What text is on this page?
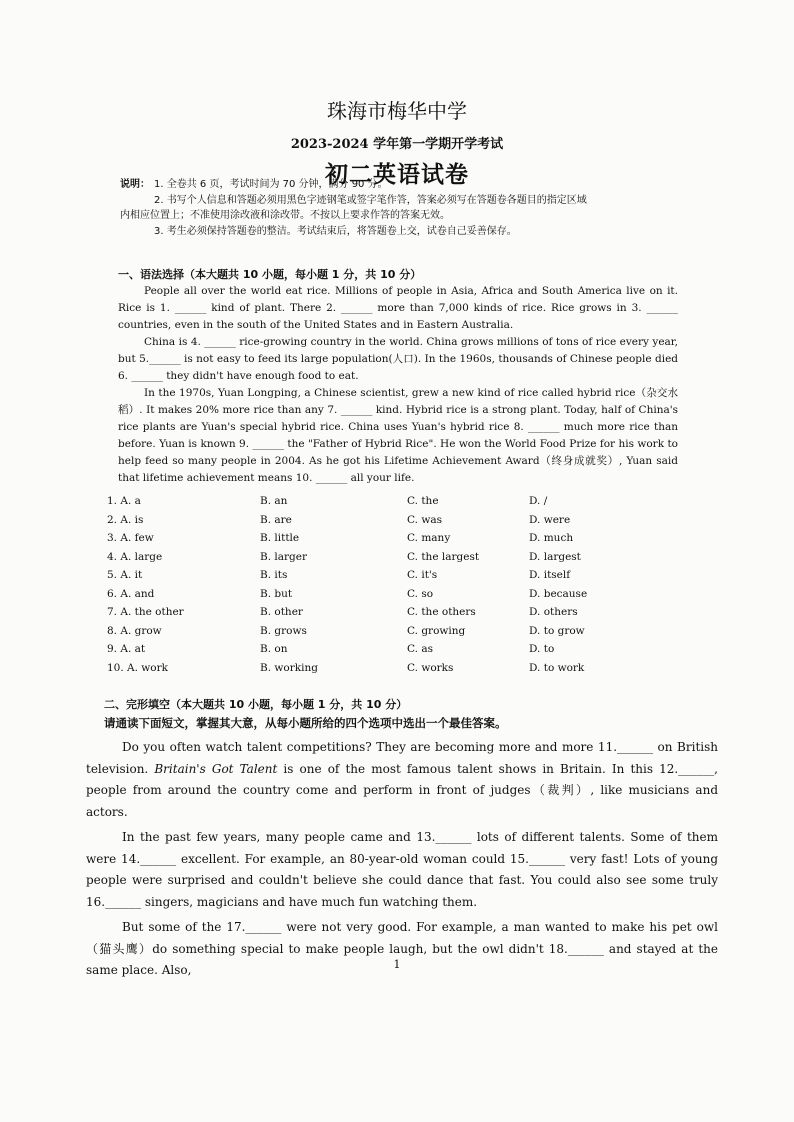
珠海市梅华中学
2023-2024 学年第一学期开学考试
初二英语试卷
说明： 1. 全卷共 6 页，考试时间为 70 分钟，满分 90 分。
2. 书写个人信息和答题必须用黑色字迹钢笔或签字笔作答，答案必须写在答题卷各题目的指定区域
内相应位置上；不准使用涂改液和涂改带。不按以上要求作答的答案无效。
3. 考生必须保持答题卷的整洁。考试结束后，将答题卷上交，试卷自己妥善保存。
一、语法选择（本大题共 10 小题，每小题 1 分，共 10 分）

People all over the world eat rice. Millions of people in Asia, Africa and South America live on it. Rice is 1. ______ kind of plant. There 2. ______ more than 7,000 kinds of rice. Rice grows in 3. ______ countries, even in the south of the United States and in Eastern Australia.

China is 4. ______ rice-growing country in the world. China grows millions of tons of rice every year, but 5.______ is not easy to feed its large population(人口). In the 1960s, thousands of Chinese people died 6. ______ they didn't have enough food to eat.

In the 1970s, Yuan Longping, a Chinese scientist, grew a new kind of rice called hybrid rice（杂交水稻）. It makes 20% more rice than any 7. ______ kind. Hybrid rice is a strong plant. Today, half of China's rice plants are Yuan's special hybrid rice. China uses Yuan's hybrid rice 8. ______ much more rice than before. Yuan is known 9. ______ the "Father of Hybrid Rice". He won the World Food Prize for his work to help feed so many people in 2004. As he got his Lifetime Achievement Award（终身成就奖）, Yuan said that lifetime achievement means 10. ______ all your life.

1. A. a	B. an	C. the	D. /
2. A. is	B. are	C. was	D. were
3. A. few	B. little	C. many	D. much
4. A. large	B. larger	C. the largest	D. largest
5. A. it	B. its	C. it's	D. itself
6. A. and	B. but	C. so	D. because
7. A. the other	B. other	C. the others	D. others
8. A. grow	B. grows	C. growing	D. to grow
9. A. at	B. on	C. as	D. to
10. A. work	B. working	C. works	D. to work
二、完形填空（本大题共 10 小题，每小题 1 分，共 10 分）
请通读下面短文，掌握其大意，从每小题所给的四个选项中选出一个最佳答案。

Do you often watch talent competitions? They are becoming more and more 11.______ on British television. Britain's Got Talent is one of the most famous talent shows in Britain. In this 12.______, people from around the country come and perform in front of judges（裁判）, like musicians and actors.

In the past few years, many people came and 13.______ lots of different talents. Some of them were 14.______ excellent. For example, an 80-year-old woman could 15.______ very fast! Lots of young people were surprised and couldn't believe she could dance that fast. You could also see some truly 16.______ singers, magicians and have much fun watching them.

But some of the 17.______ were not very good. For example, a man wanted to make his pet owl（猫头鹰）do something special to make people laugh, but the owl didn't 18.______ and stayed at the same place. Also,	1
